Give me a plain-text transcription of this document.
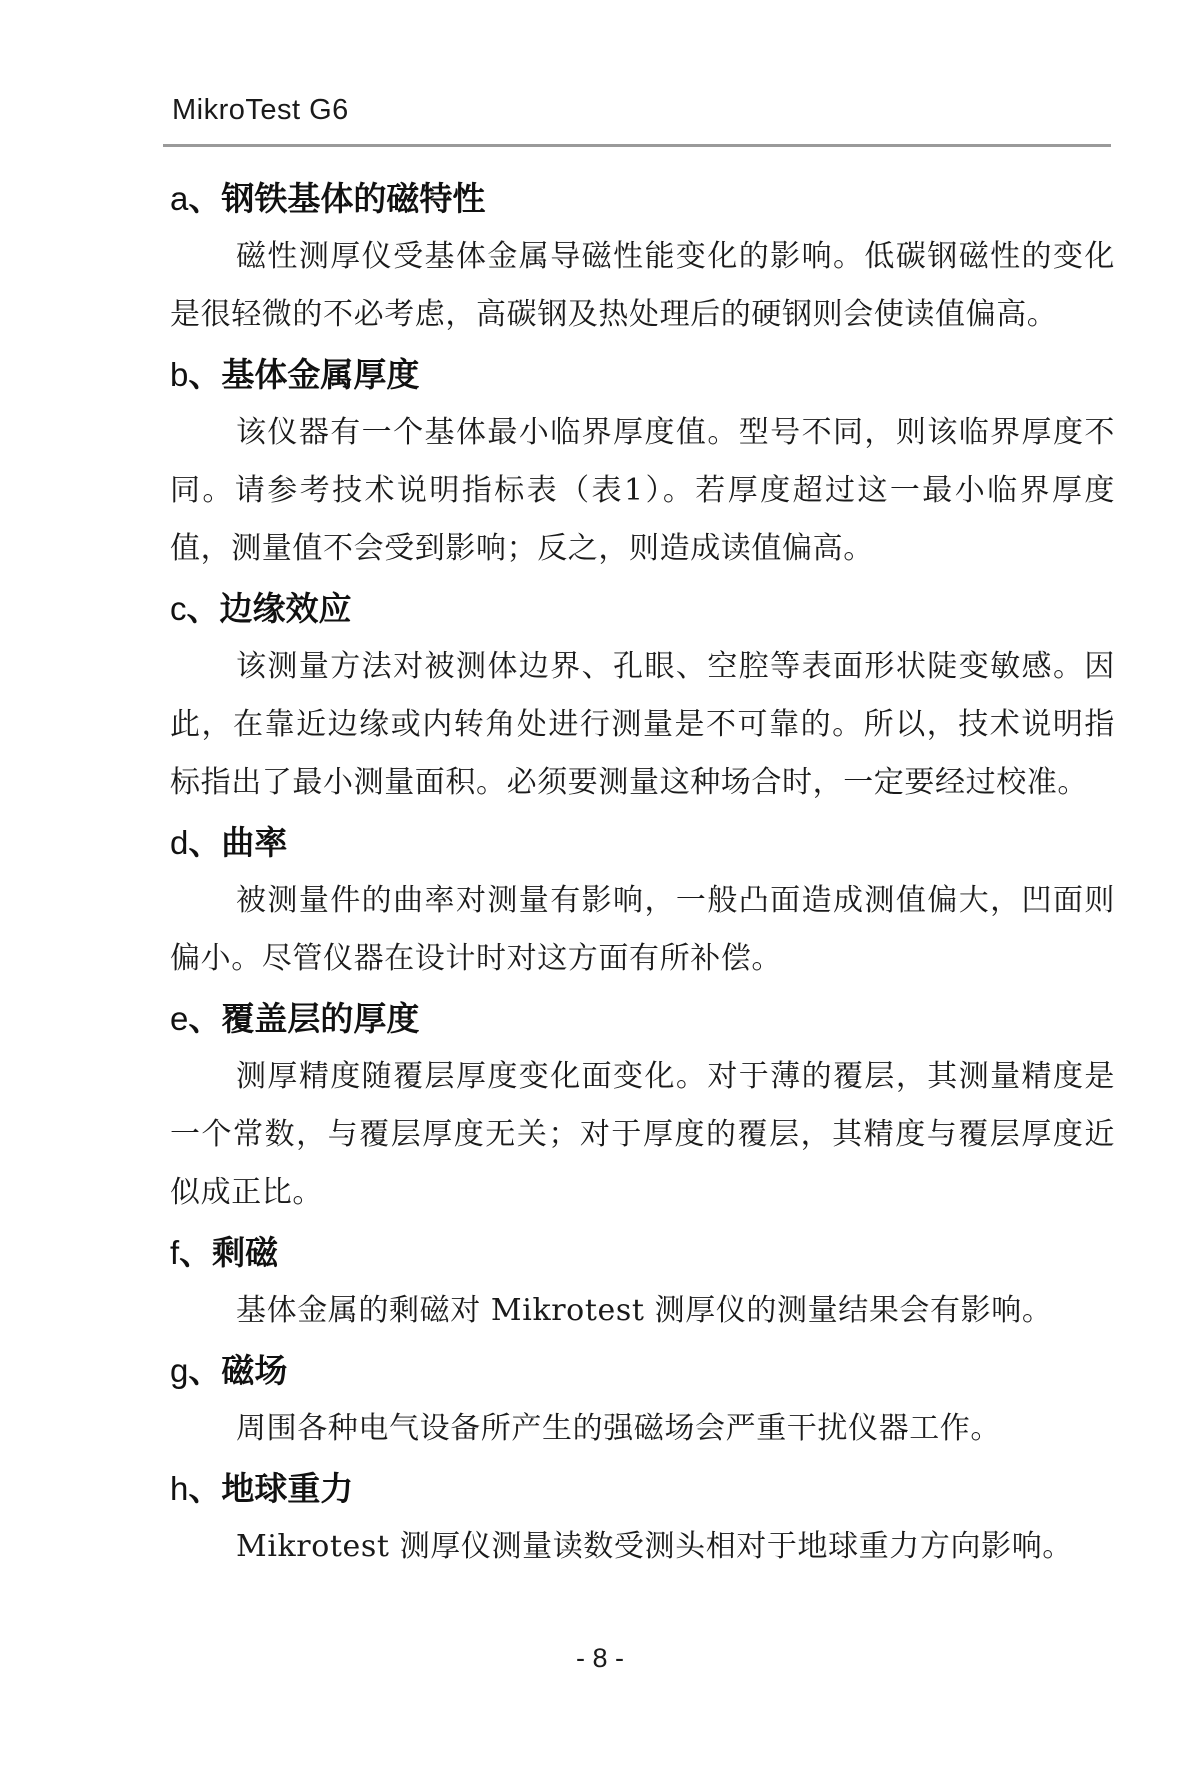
MikroTest G6
a、钢铁基体的磁特性

磁性测厚仪受基体金属导磁性能变化的影响。低碳钢磁性的变化是很轻微的不必考虑，高碳钢及热处理后的硬钢则会使读值偏高。

b、基体金属厚度

该仪器有一个基体最小临界厚度值。型号不同，则该临界厚度不同。请参考技术说明指标表（表1）。若厚度超过这一最小临界厚度值，测量值不会受到影响；反之，则造成读值偏高。

c、边缘效应

该测量方法对被测体边界、孔眼、空腔等表面形状陡变敏感。因此，在靠近边缘或内转角处进行测量是不可靠的。所以，技术说明指标指出了最小测量面积。必须要测量这种场合时，一定要经过校准。

d、曲率

被测量件的曲率对测量有影响，一般凸面造成测值偏大，凹面则偏小。尽管仪器在设计时对这方面有所补偿。

e、覆盖层的厚度

测厚精度随覆层厚度变化面变化。对于薄的覆层，其测量精度是一个常数，与覆层厚度无关；对于厚度的覆层，其精度与覆层厚度近似成正比。

f、剩磁

基体金属的剩磁对 Mikrotest 测厚仪的测量结果会有影响。

g、磁场

周围各种电气设备所产生的强磁场会严重干扰仪器工作。

h、地球重力

Mikrotest 测厚仪测量读数受测头相对于地球重力方向影响。

- 8 -
